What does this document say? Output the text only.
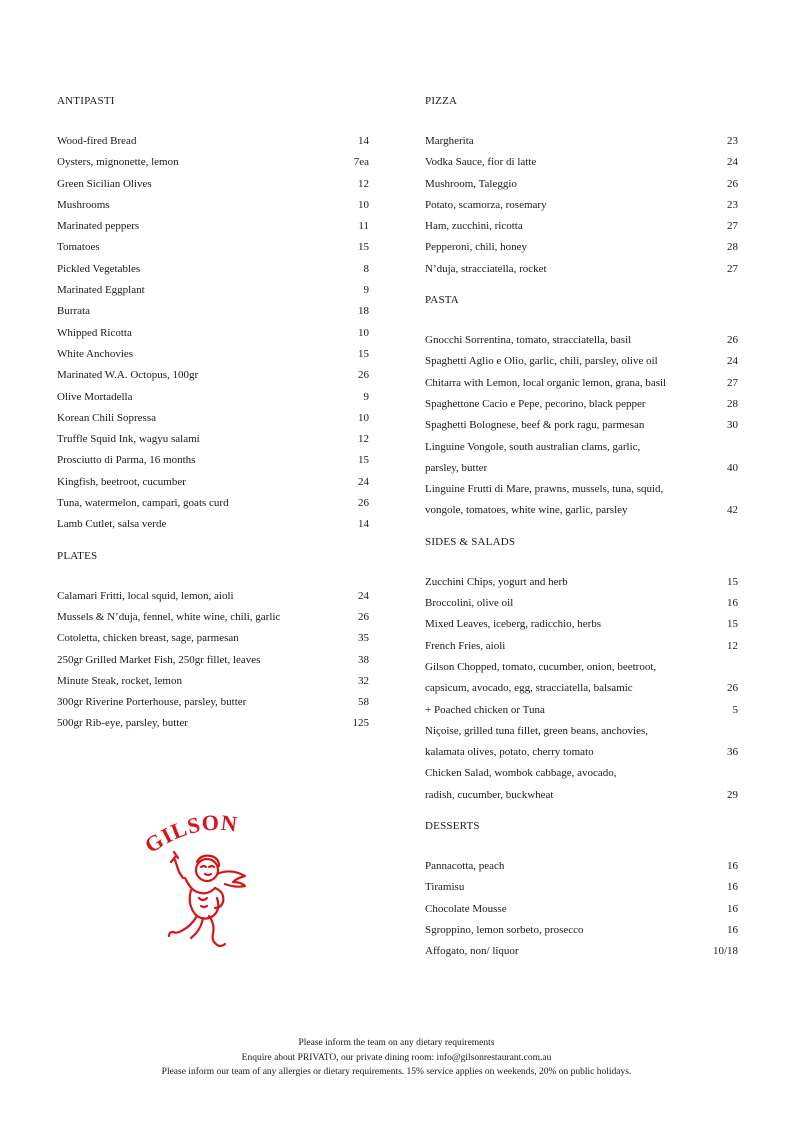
ANTIPASTI
Wood-fired Bread	14
Oysters, mignonette, lemon	7ea
Green Sicilian Olives	12
Mushrooms	10
Marinated peppers	11
Tomatoes	15
Pickled Vegetables	8
Marinated Eggplant	9
Burrata	18
Whipped Ricotta	10
White Anchovies	15
Marinated W.A. Octopus, 100gr	26
Olive Mortadella	9
Korean Chili Sopressa	10
Truffle Squid Ink, wagyu salami	12
Prosciutto di Parma, 16 months	15
Kingfish, beetroot, cucumber	24
Tuna, watermelon, campari, goats curd	26
Lamb Cutlet, salsa verde	14
PLATES
Calamari Fritti, local squid, lemon, aioli	24
Mussels & N’duja, fennel, white wine, chili, garlic	26
Cotoletta, chicken breast, sage, parmesan	35
250gr Grilled Market Fish, 250gr fillet, leaves	38
Minute Steak, rocket, lemon	32
300gr Riverine Porterhouse, parsley, butter	58
500gr Rib-eye, parsley, butter	125
PIZZA
Margherita	23
Vodka Sauce, fior di latte	24
Mushroom, Taleggio	26
Potato, scamorza, rosemary	23
Ham, zucchini, ricotta	27
Pepperoni, chili, honey	28
N’duja, stracciatella, rocket	27
PASTA
Gnocchi Sorrentina, tomato, stracciatella, basil	26
Spaghetti Aglio e Olio, garlic, chili, parsley, olive oil	24
Chitarra with Lemon, local organic lemon, grana, basil	27
Spaghettone Cacio e Pepe, pecorino, black pepper	28
Spaghetti Bolognese, beef & pork ragu, parmesan	30
Linguine Vongole, south australian clams, garlic,
parsley, butter	40
Linguine Frutti di Mare, prawns, mussels, tuna, squid,
vongole, tomatoes, white wine, garlic, parsley	42
SIDES & SALADS
Zucchini Chips, yogurt and herb	15
Broccolini, olive oil	16
Mixed Leaves, iceberg, radicchio, herbs	15
French Fries, aioli	12
Gilson Chopped, tomato, cucumber, onion, beetroot,
capsicum, avocado, egg, stracciatella, balsamic	26
+ Poached chicken or Tuna	5
Niçoise, grilled tuna fillet, green beans, anchovies,
kalamata olives, potato, cherry tomato	36
Chicken Salad, wombok cabbage, avocado,
radish, cucumber, buckwheat	29
DESSERTS
Pannacotta, peach	16
Tiramisu	16
Chocolate Mousse	16
Sgroppino, lemon sorbeto, prosecco	16
Affogato, non/ liquor	10/18
ILSON
Please inform the team on any dietary requirements
Enquire about PRIVATO, our private dining room: info@gilsonrestaurant.com.au
Please inform our team of any allergies or dietary requirements. 15% service applies on weekends, 20% on public holidays.
